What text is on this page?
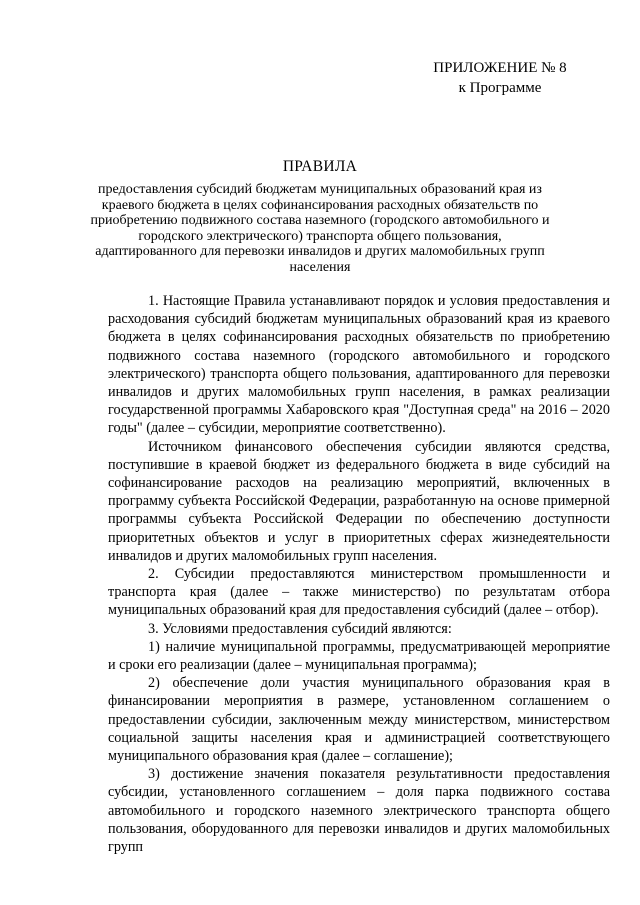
ПРИЛОЖЕНИЕ № 8
к Программе
ПРАВИЛА
предоставления субсидий бюджетам муниципальных образований края из краевого бюджета в целях софинансирования расходных обязательств по приобретению подвижного состава наземного (городского автомобильного и городского электрического) транспорта общего пользования, адаптированного для перевозки инвалидов и других маломобильных групп населения

1. Настоящие Правила устанавливают порядок и условия предоставления и расходования субсидий бюджетам муниципальных образований края из краевого бюджета в целях софинансирования расходных обязательств по приобретению подвижного состава наземного (городского автомобильного и городского электрического) транспорта общего пользования, адаптированного для перевозки инвалидов и других маломобильных групп населения, в рамках реализации государственной программы Хабаровского края "Доступная среда" на 2016 – 2020 годы" (далее – субсидии, мероприятие соответственно).

Источником финансового обеспечения субсидии являются средства, поступившие в краевой бюджет из федерального бюджета в виде субсидий на софинансирование расходов на реализацию мероприятий, включенных в программу субъекта Российской Федерации, разработанную на основе примерной программы субъекта Российской Федерации по обеспечению доступности приоритетных объектов и услуг в приоритетных сферах жизнедеятельности инвалидов и других маломобильных групп населения.

2. Субсидии предоставляются министерством промышленности и транспорта края (далее – также министерство) по результатам отбора муниципальных образований края для предоставления субсидий (далее – отбор).

3. Условиями предоставления субсидий являются:

1) наличие муниципальной программы, предусматривающей мероприятие и сроки его реализации (далее – муниципальная программа);

2) обеспечение доли участия муниципального образования края в финансировании мероприятия в размере, установленном соглашением о предоставлении субсидии, заключенным между министерством, министерством социальной защиты населения края и администрацией соответствующего муниципального образования края (далее – соглашение);

3) достижение значения показателя результативности предоставления субсидии, установленного соглашением – доля парка подвижного состава автомобильного и городского наземного электрического транспорта общего пользования, оборудованного для перевозки инвалидов и других маломобильных групп
